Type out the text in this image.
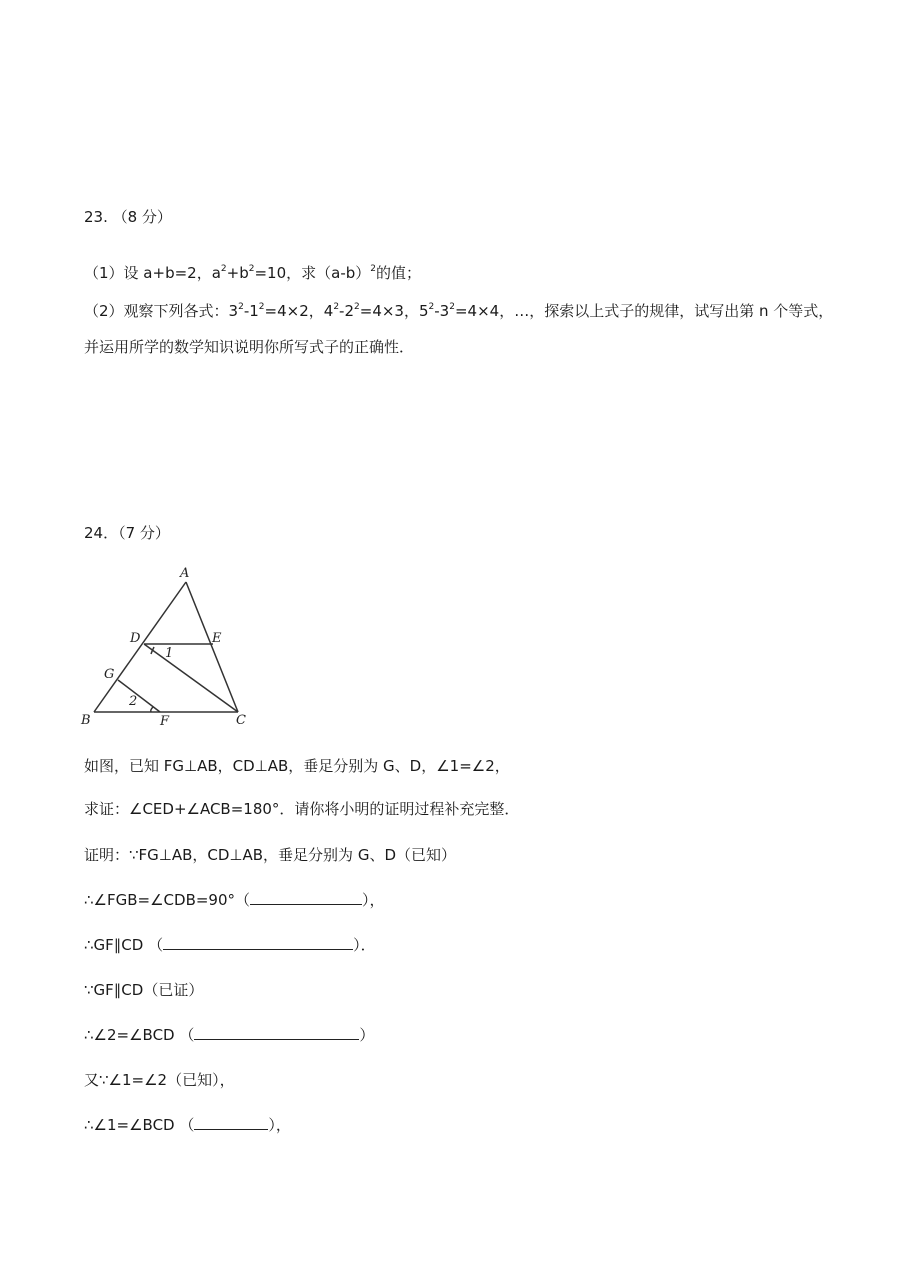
23. （8 分）
（1）设 a+b=2，$a^2+b^2=10$，求$(a-b)^2$的值；
（2）观察下列各式：$3^2-1^2=4\times 2$，$4^2-2^2=4\times 3$，$5^2-3^2=4\times 4$，…，探索以上式子的规律，试写出第 n 个等式，
并运用所学的数学知识说明你所写式子的正确性．
24．（7 分）
A
B	C
D	E
F
G
1
2
如图，已知 FG⊥AB，CD⊥AB，垂足分别为 G、D，∠1=∠2，
求证：∠CED+∠ACB=180°．请你将小明的证明过程补充完整．
证明：∵FG⊥AB，CD⊥AB，垂足分别为 G、D（已知）
∴∠FGB=∠CDB=90°（	），
∴GF∥CD （	）．
∵GF∥CD（已证）
∴∠2=∠BCD （	）
又∵∠1=∠2（已知），
∴∠1=∠BCD （	），
